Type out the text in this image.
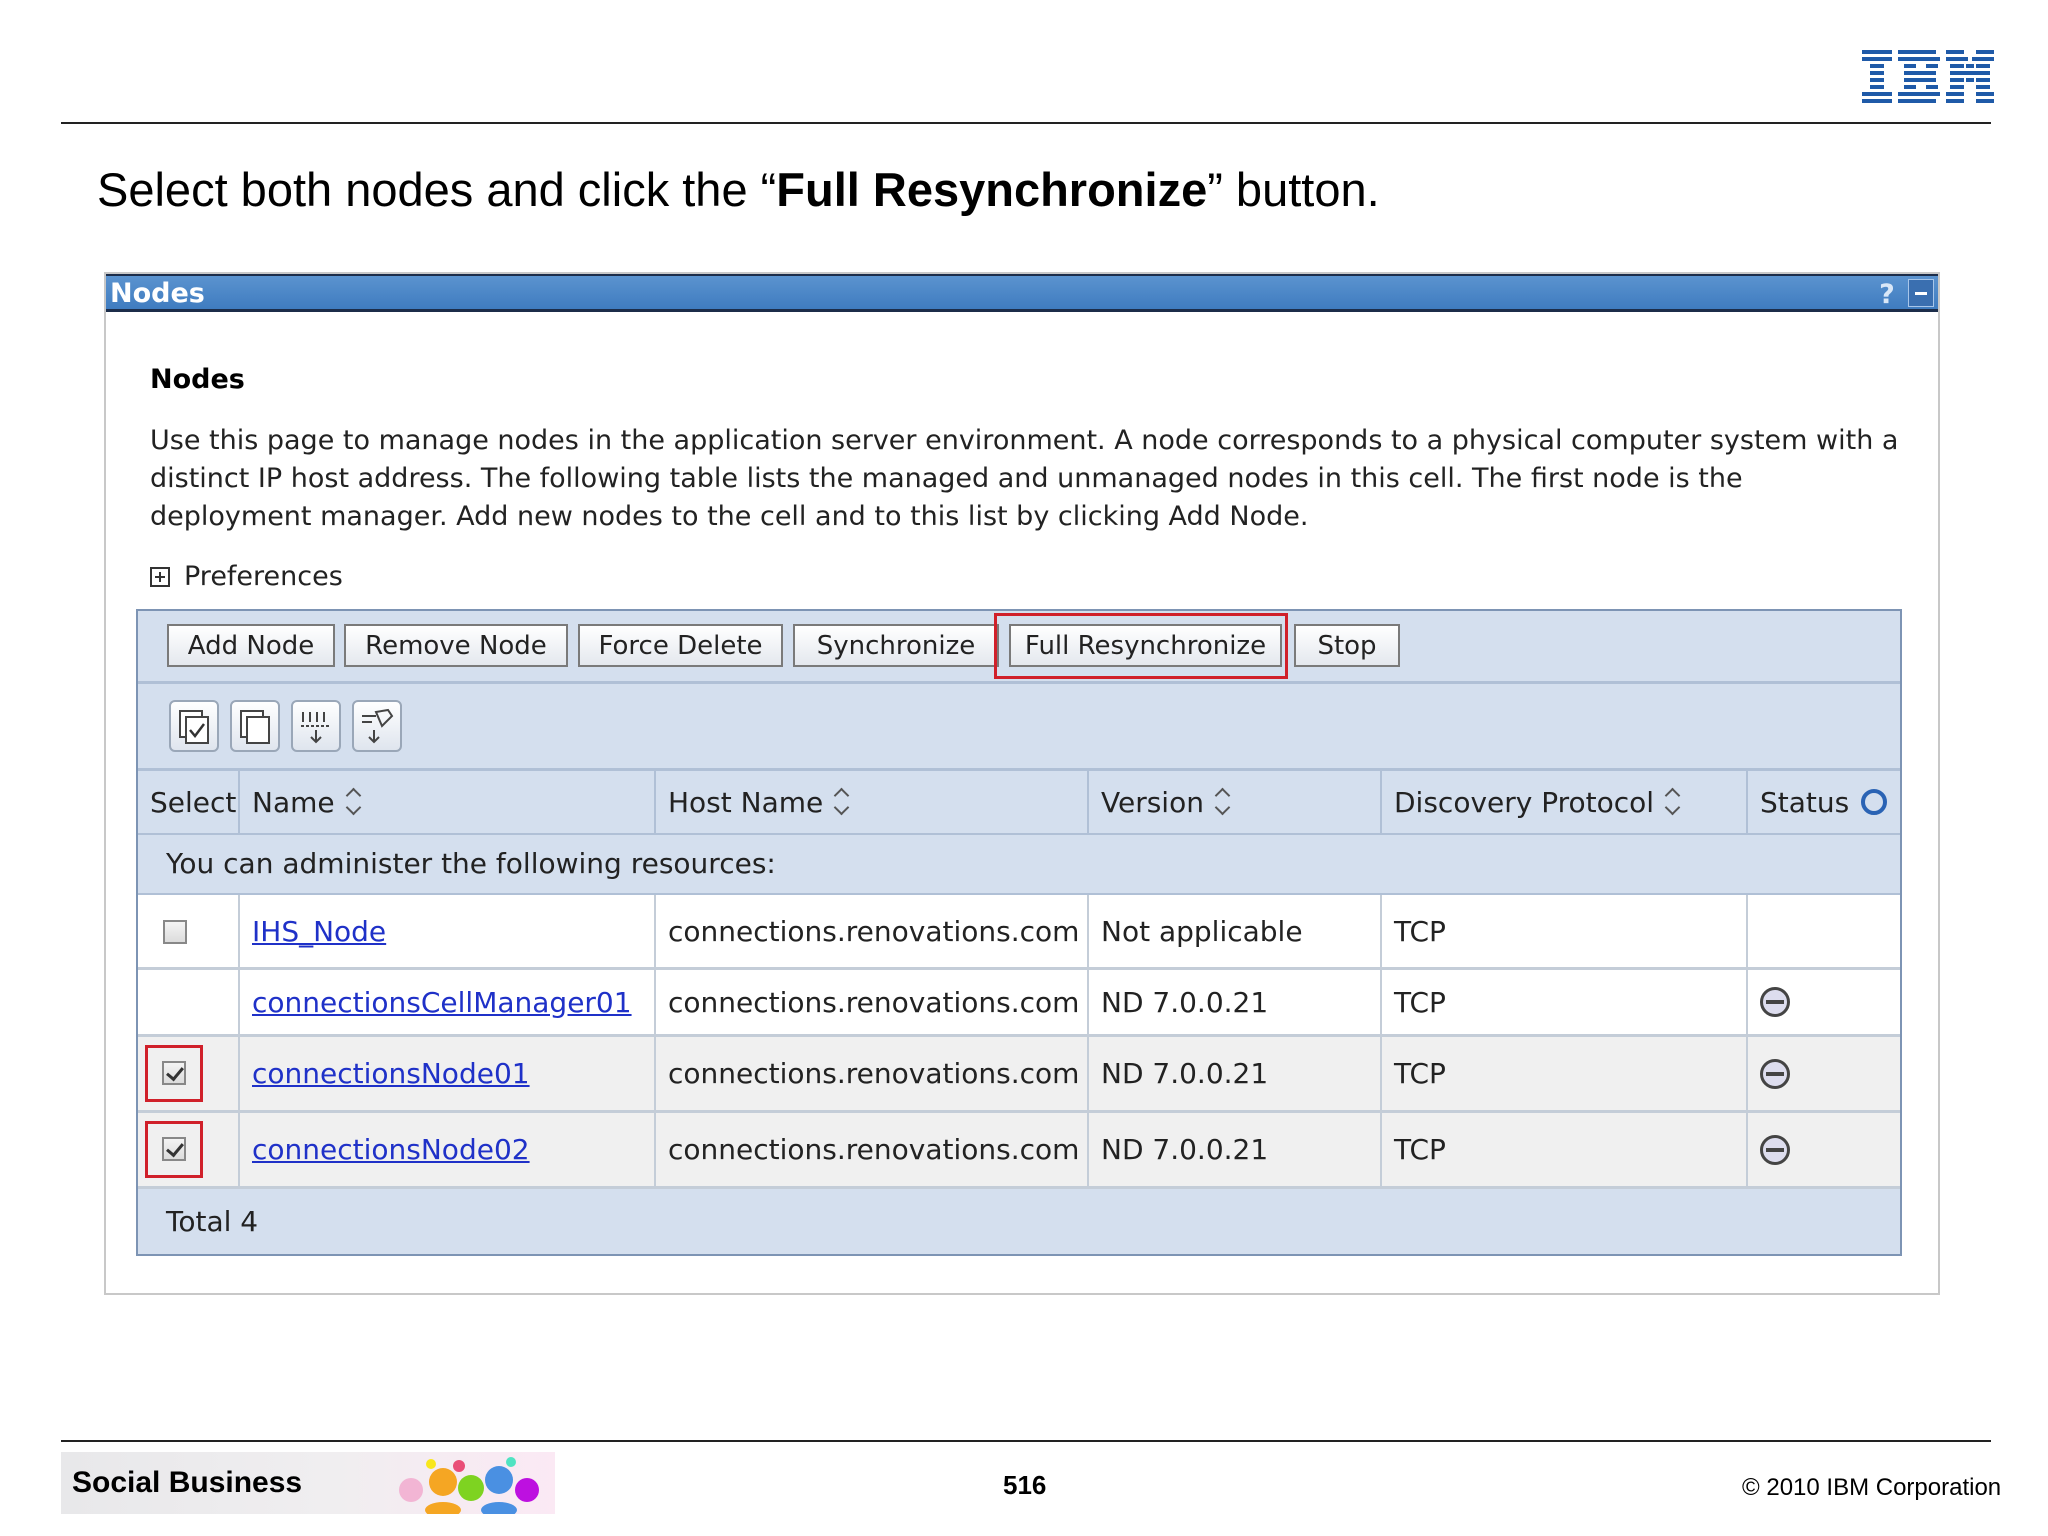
Select both nodes and click the “Full Resynchronize” button.
Nodes	?
Nodes
Use this page to manage nodes in the application server environment. A node corresponds to a physical computer system with a distinct IP host address. The following table lists the managed and unmanaged nodes in this cell. The first node is the deployment manager. Add new nodes to the cell and to this list by clicking Add Node.
Preferences
Add Node	Remove Node	Force Delete	Synchronize	Full Resynchronize	Stop
Select Name	Host Name	Version	Discovery Protocol	Status
You can administer the following resources:
IHS_Node	connections.renovations.com Not applicable	TCP
connectionsCellManager01	connections.renovations.com ND 7.0.0.21	TCP
connectionsNode01	connections.renovations.com ND 7.0.0.21	TCP
connectionsNode02	connections.renovations.com ND 7.0.0.21	TCP
Total 4
Social Business	516	© 2010 IBM Corporation
